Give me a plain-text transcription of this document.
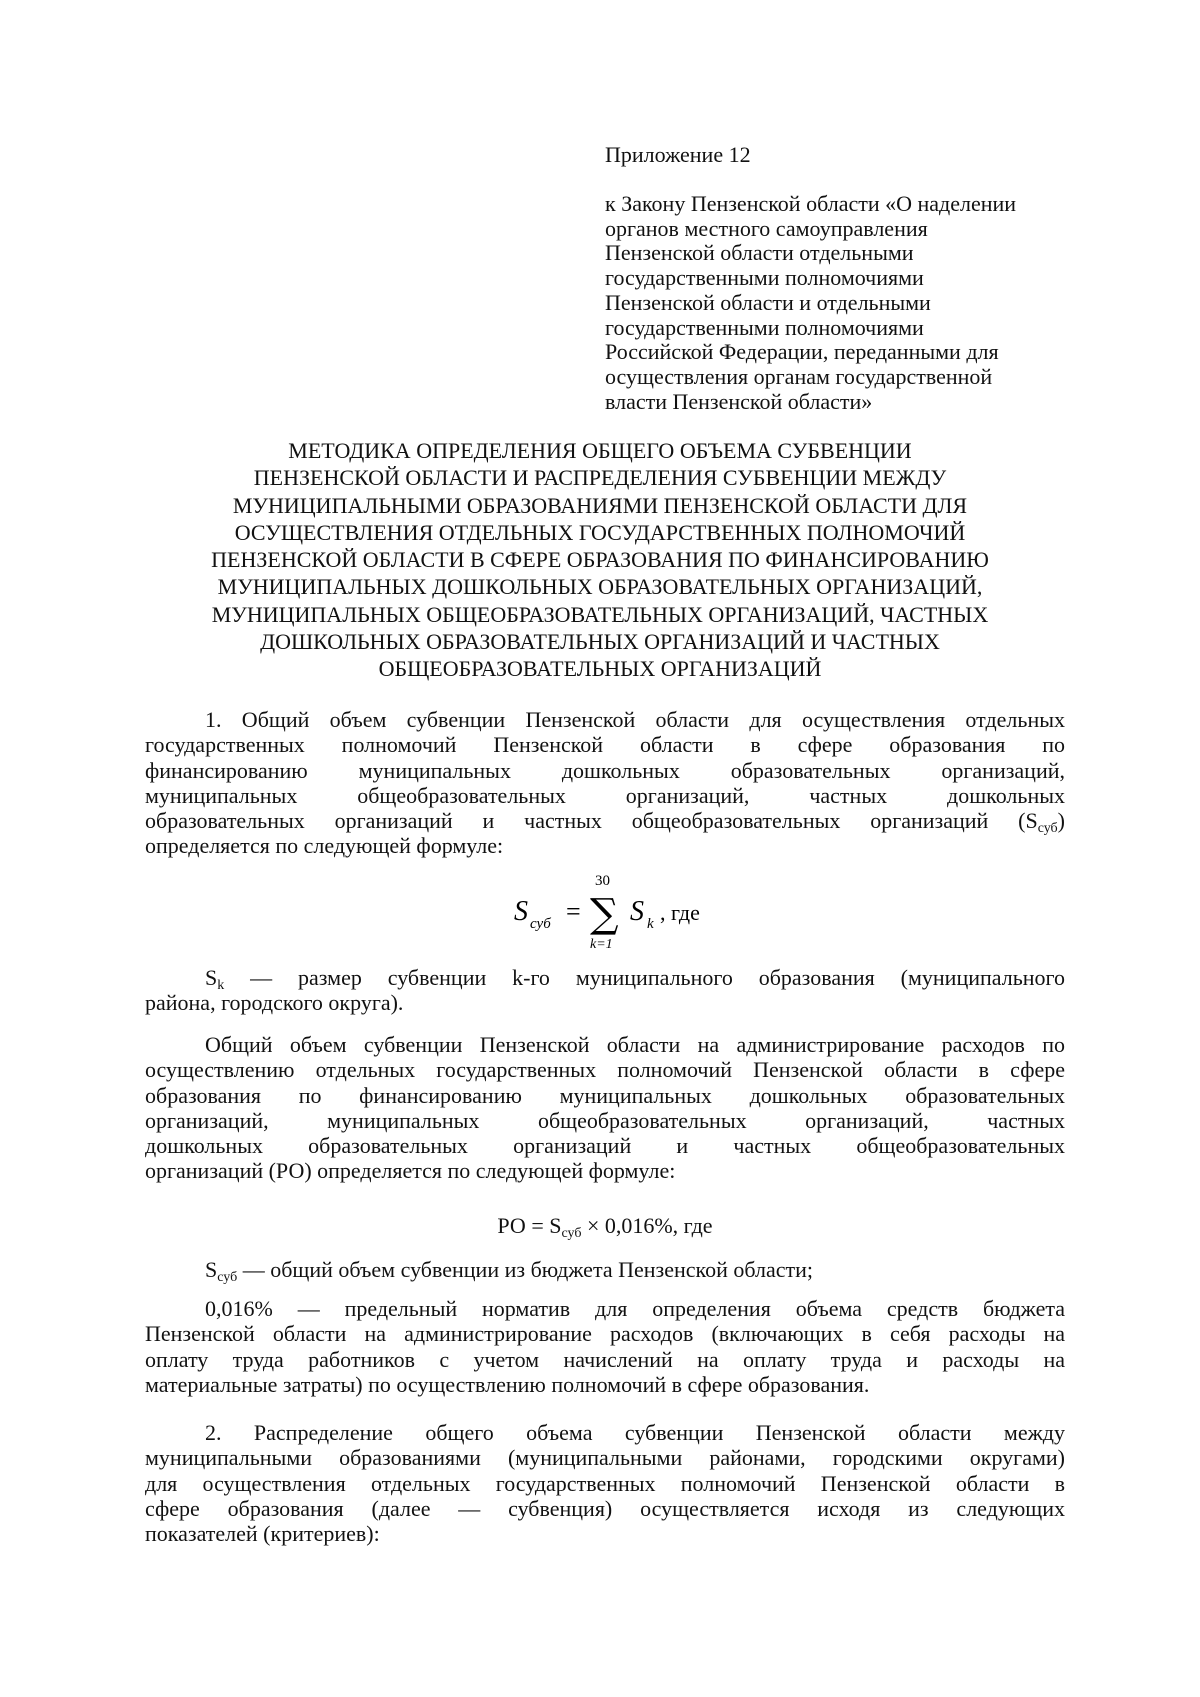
Приложение 12
к Закону Пензенской области «О наделении
органов местного самоуправления
Пензенской области отдельными
государственными полномочиями
Пензенской области и отдельными
государственными полномочиями
Российской Федерации, переданными для
осуществления органам государственной
власти Пензенской области»
МЕТОДИКА ОПРЕДЕЛЕНИЯ ОБЩЕГО ОБЪЕМА СУБВЕНЦИИ
ПЕНЗЕНСКОЙ ОБЛАСТИ И РАСПРЕДЕЛЕНИЯ СУБВЕНЦИИ МЕЖДУ
МУНИЦИПАЛЬНЫМИ ОБРАЗОВАНИЯМИ ПЕНЗЕНСКОЙ ОБЛАСТИ ДЛЯ
ОСУЩЕСТВЛЕНИЯ ОТДЕЛЬНЫХ ГОСУДАРСТВЕННЫХ ПОЛНОМОЧИЙ
ПЕНЗЕНСКОЙ ОБЛАСТИ В СФЕРЕ ОБРАЗОВАНИЯ ПО ФИНАНСИРОВАНИЮ
МУНИЦИПАЛЬНЫХ ДОШКОЛЬНЫХ ОБРАЗОВАТЕЛЬНЫХ ОРГАНИЗАЦИЙ,
МУНИЦИПАЛЬНЫХ ОБЩЕОБРАЗОВАТЕЛЬНЫХ ОРГАНИЗАЦИЙ, ЧАСТНЫХ
ДОШКОЛЬНЫХ ОБРАЗОВАТЕЛЬНЫХ ОРГАНИЗАЦИЙ И ЧАСТНЫХ
ОБЩЕОБРАЗОВАТЕЛЬНЫХ ОРГАНИЗАЦИЙ
1. Общий объем субвенции Пензенской области для осуществления отдельных
государственных полномочий Пензенской области в сфере образования по
финансированию муниципальных дошкольных образовательных организаций,
муниципальных общеобразовательных организаций, частных дошкольных
образовательных организаций и частных общеобразовательных организаций $(S_{суб})$
определяется по следующей формуле:
S суб =
30
∑
k=1
S k , где
$S_k$ — размер субвенции k-го муниципального образования (муниципального
района, городского округа).
Общий объем субвенции Пензенской области на администрирование расходов по
осуществлению отдельных государственных полномочий Пензенской области в сфере
образования по финансированию муниципальных дошкольных образовательных
организаций, муниципальных общеобразовательных организаций, частных
дошкольных образовательных организаций и частных общеобразовательных
организаций (РО) определяется по следующей формуле:
РО = $S_{суб} \times 0,016\%$, где
$S_{суб}$ — общий объем субвенции из бюджета Пензенской области;
0,016% — предельный норматив для определения объема средств бюджета
Пензенской области на администрирование расходов (включающих в себя расходы на
оплату труда работников с учетом начислений на оплату труда и расходы на
материальные затраты) по осуществлению полномочий в сфере образования.
2. Распределение общего объема субвенции Пензенской области между
муниципальными образованиями (муниципальными районами, городскими округами)
для осуществления отдельных государственных полномочий Пензенской области в
сфере образования (далее — субвенция) осуществляется исходя из следующих
показателей (критериев):
